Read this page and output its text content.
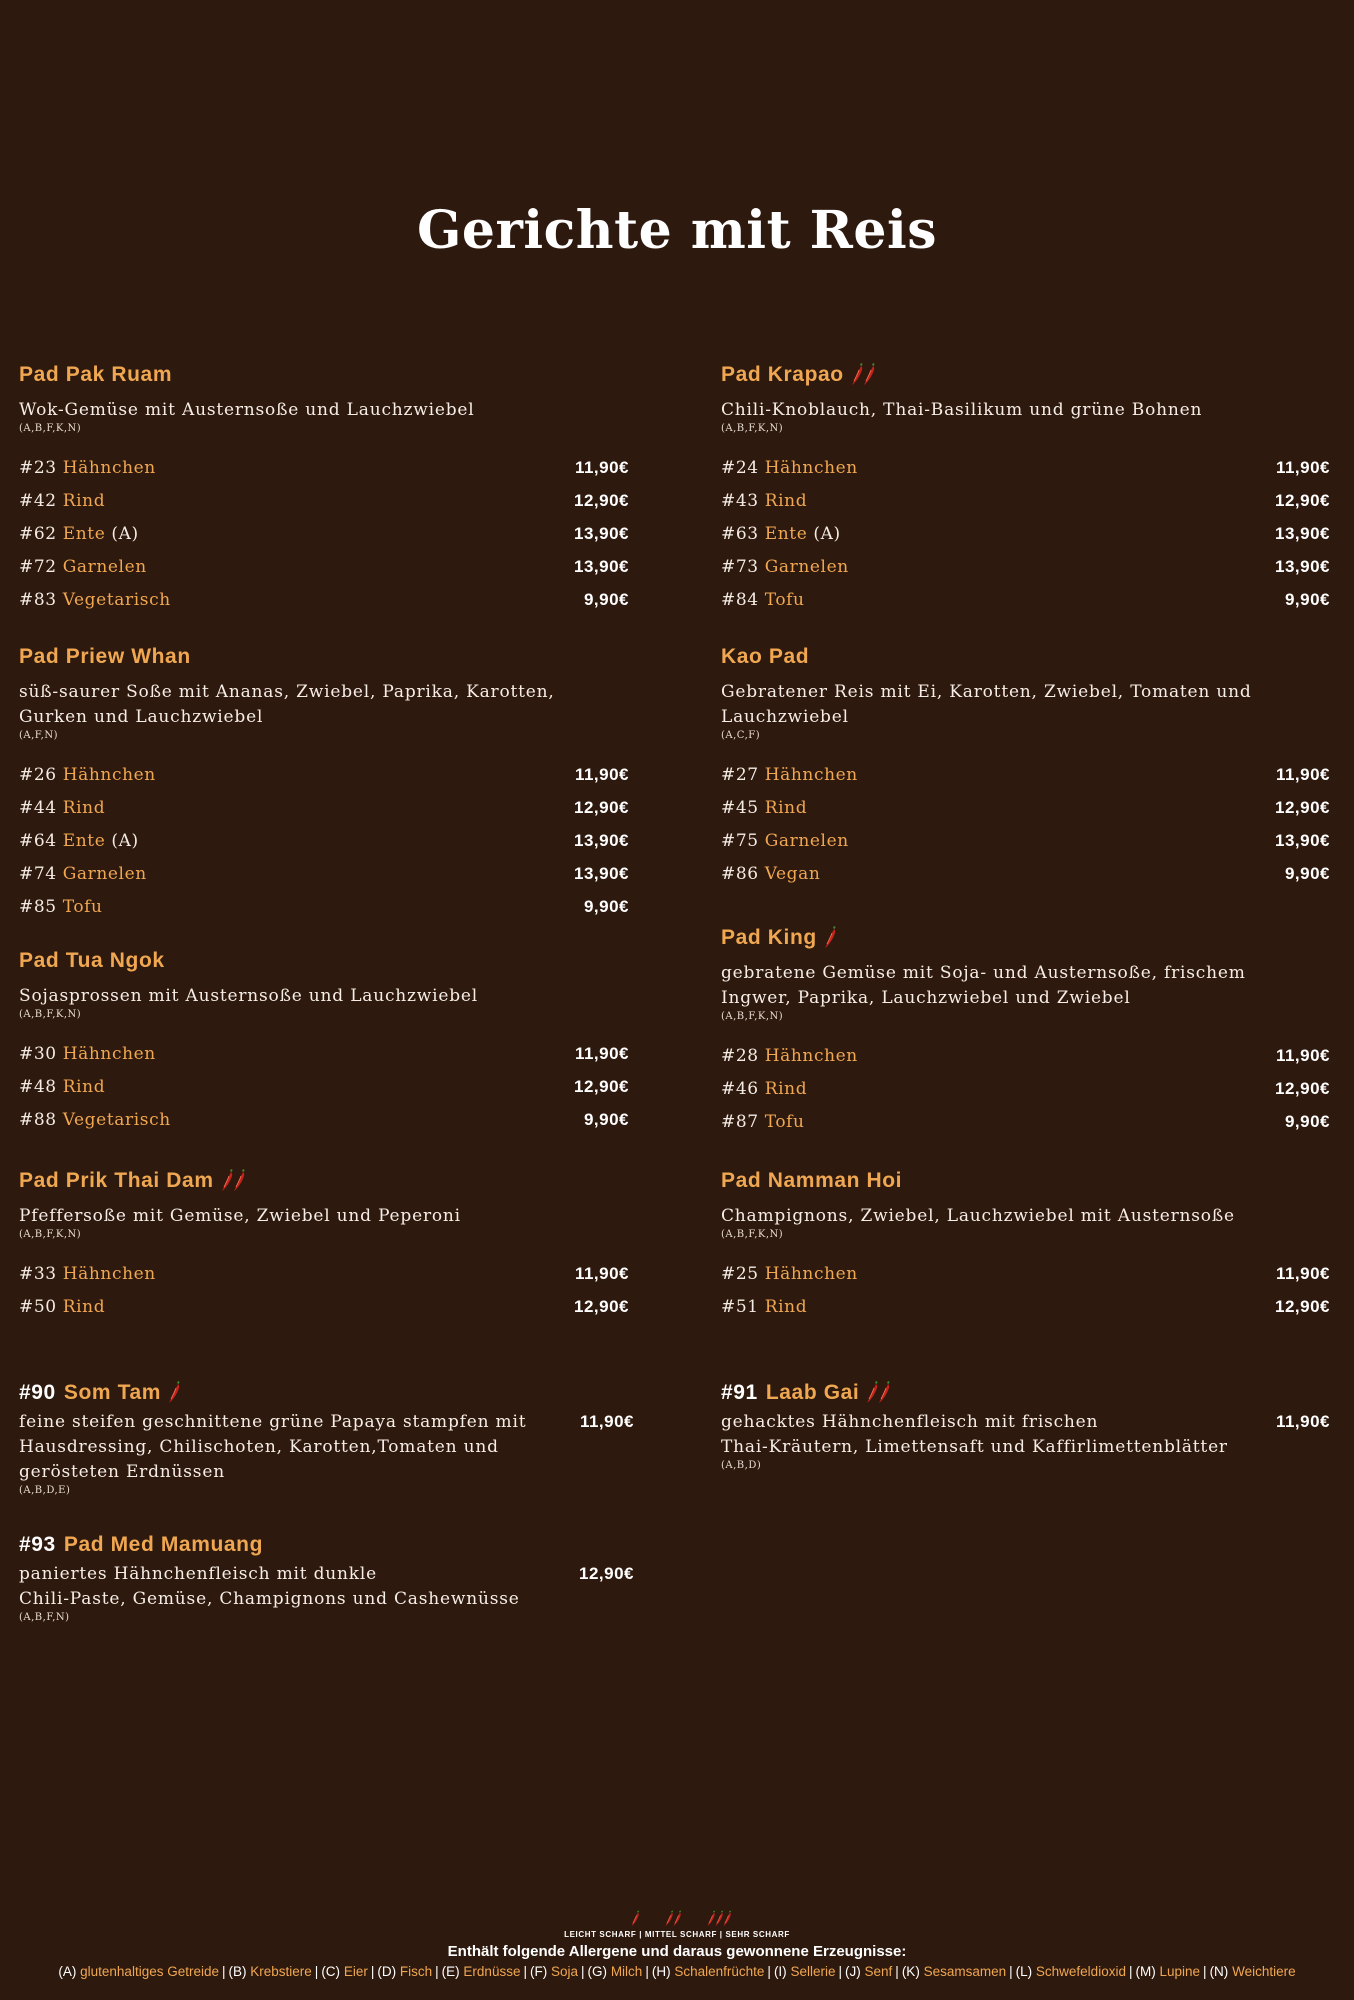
Gerichte mit Reis
Pad Pak Ruam
Wok-Gemüse mit Austernsoße und Lauchzwiebel
(A,B,F,K,N)
#23 Hähnchen	11,90€
#42 Rind	12,90€
#62 Ente (A)	13,90€
#72 Garnelen	13,90€
#83 Vegetarisch	9,90€
Pad Priew Whan
süß-saurer Soße mit Ananas, Zwiebel, Paprika, Karotten,
Gurken und Lauchzwiebel
(A,F,N)
#26 Hähnchen	11,90€
#44 Rind	12,90€
#64 Ente (A)	13,90€
#74 Garnelen	13,90€
#85 Tofu	9,90€
Pad Tua Ngok
Sojasprossen mit Austernsoße und Lauchzwiebel
(A,B,F,K,N)
#30 Hähnchen	11,90€
#48 Rind	12,90€
#88 Vegetarisch	9,90€
Pad Prik Thai Dam
Pfeffersoße mit Gemüse, Zwiebel und Peperoni
(A,B,F,K,N)
#33 Hähnchen	11,90€
#50 Rind	12,90€
#90 Som Tam
feine steifen geschnittene grüne Papaya stampfen mit
Hausdressing, Chilischoten, Karotten,Tomaten und
gerösteten Erdnüssen
(A,B,D,E)
11,90€
#93 Pad Med Mamuang
paniertes Hähnchenfleisch mit dunkle
Chili-Paste, Gemüse, Champignons und Cashewnüsse
(A,B,F,N)
12,90€
Pad Krapao
Chili-Knoblauch, Thai-Basilikum und grüne Bohnen
(A,B,F,K,N)
#24 Hähnchen	11,90€
#43 Rind	12,90€
#63 Ente (A)	13,90€
#73 Garnelen	13,90€
#84 Tofu	9,90€
Kao Pad
Gebratener Reis mit Ei, Karotten, Zwiebel, Tomaten und
Lauchzwiebel
(A,C,F)
#27 Hähnchen	11,90€
#45 Rind	12,90€
#75 Garnelen	13,90€
#86 Vegan	9,90€
Pad King
gebratene Gemüse mit Soja- und Austernsoße, frischem
Ingwer, Paprika, Lauchzwiebel und Zwiebel
(A,B,F,K,N)
#28 Hähnchen	11,90€
#46 Rind	12,90€
#87 Tofu	9,90€
Pad Namman Hoi
Champignons, Zwiebel, Lauchzwiebel mit Austernsoße
(A,B,F,K,N)
#25 Hähnchen	11,90€
#51 Rind	12,90€
#91 Laab Gai
gehacktes Hähnchenfleisch mit frischen
Thai-Kräutern, Limettensaft und Kaffirlimettenblätter
(A,B,D)
11,90€
LEICHT SCHARF | MITTEL SCHARF | SEHR SCHARF
Enthält folgende Allergene und daraus gewonnene Erzeugnisse:
(A) glutenhaltiges Getreide | (B) Krebstiere | (C) Eier | (D) Fisch | (E) Erdnüsse | (F) Soja | (G) Milch | (H) Schalenfrüchte | (I) Sellerie | (J) Senf | (K) Sesamsamen | (L) Schwefeldioxid | (M) Lupine | (N) Weichtiere
